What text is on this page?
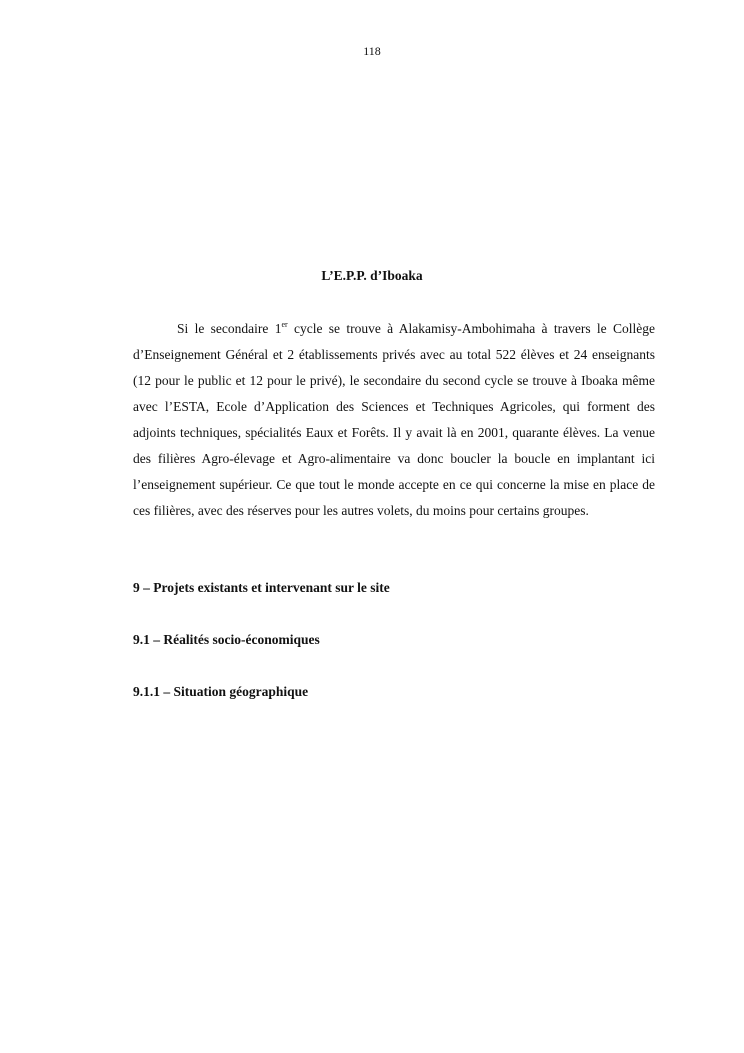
118
L’E.P.P. d’Iboaka

Si le secondaire 1er cycle se trouve à Alakamisy-Ambohimaha à travers le Collège d’Enseignement Général et 2 établissements privés avec au total 522 élèves et 24 enseignants (12 pour le public et 12 pour le privé), le secondaire du second cycle se trouve à Iboaka même avec l’ESTA, Ecole d’Application des Sciences et Techniques Agricoles, qui forment des adjoints techniques, spécialités Eaux et Forêts. Il y avait là en 2001, quarante élèves. La venue des filières Agro-élevage et Agro-alimentaire va donc boucler la boucle en implantant ici l’enseignement supérieur. Ce que tout le monde accepte en ce qui concerne la mise en place de ces filières, avec des réserves pour les autres volets, du moins pour certains groupes.

9 – Projets existants et intervenant sur le site
9.1 – Réalités socio-économiques
9.1.1 – Situation géographique
